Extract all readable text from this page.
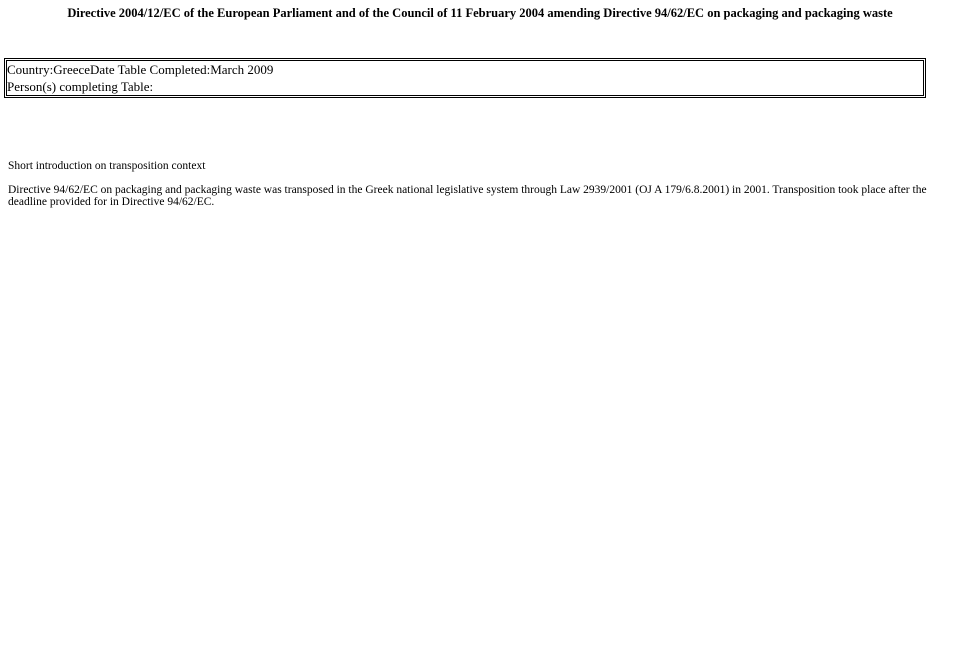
Directive 2004/12/EC of the European Parliament and of the Council of 11 February 2004 amending Directive 94/62/EC on packaging and packaging waste
Country: Greece Date Table Completed: March 2009
Person(s) completing Table:
Short introduction on transposition context

Directive 94/62/EC on packaging and packaging waste was transposed in the Greek national legislative system through Law 2939/2001 (OJ A 179/6.8.2001) in 2001. Transposition took place after the deadline provided for in Directive 94/62/EC.
